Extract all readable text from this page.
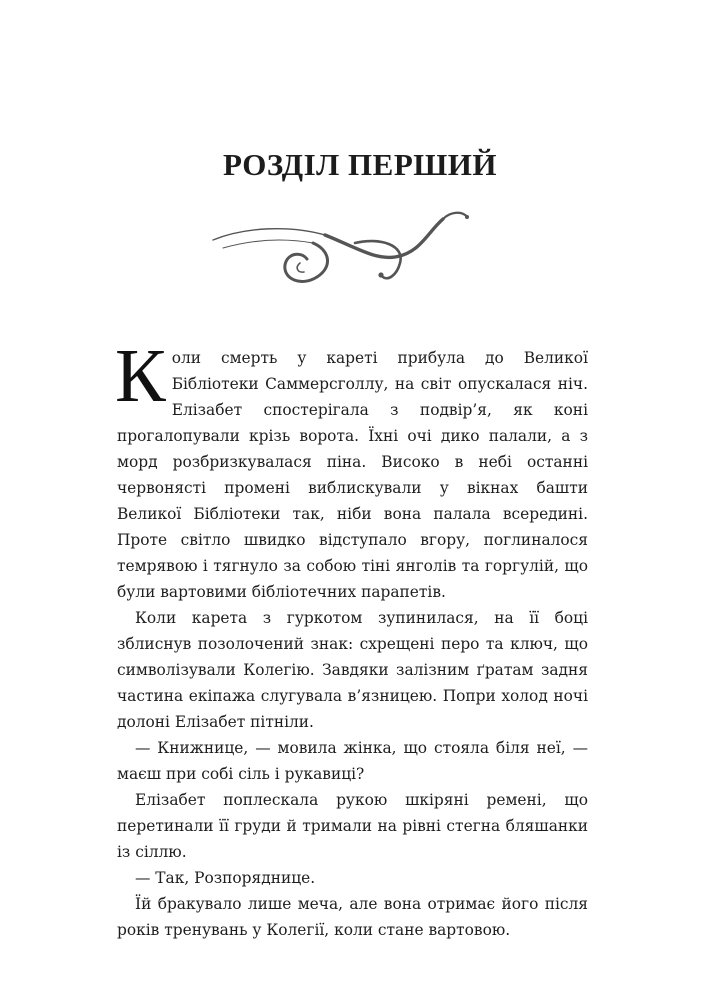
РОЗДІЛ ПЕРШИЙ

Коли смерть у кареті прибула до Великої Бібліотеки Саммерсголлу, на світ опускалася ніч. Елізабет спостерігала з подвір’я, як коні прогалопували крізь ворота. Їхні очі дико палали, а з морд розбризкувалася піна. Високо в небі останні червоняcті промені виблискували у вікнах башти Великої Бібліотеки так, ніби вона палала всередині. Проте світло швидко відступало вгору, поглиналося темрявою і тягнуло за собою тіні янголів та горгулій, що були вартовими бібліотечних парапетів.

Коли карета з гуркотом зупинилася, на її боці зблиснув позолочений знак: схрещені перо та ключ, що символізували Колегію. Завдяки залізним ґратам задня частина екіпажа слугувала в’язницею. Попри холод ночі долоні Елізабет пітніли.

— Книжнице, — мовила жінка, що стояла біля неї, — маєш при собі сіль і рукавиці?

Елізабет поплескала рукою шкіряні ремені, що перетинали її груди й тримали на рівні стегна бляшанки із сіллю.

— Так, Розпоряднице.

Їй бракувало лише меча, але вона отримає його після років тренувань у Колегії, коли стане вартовою.
